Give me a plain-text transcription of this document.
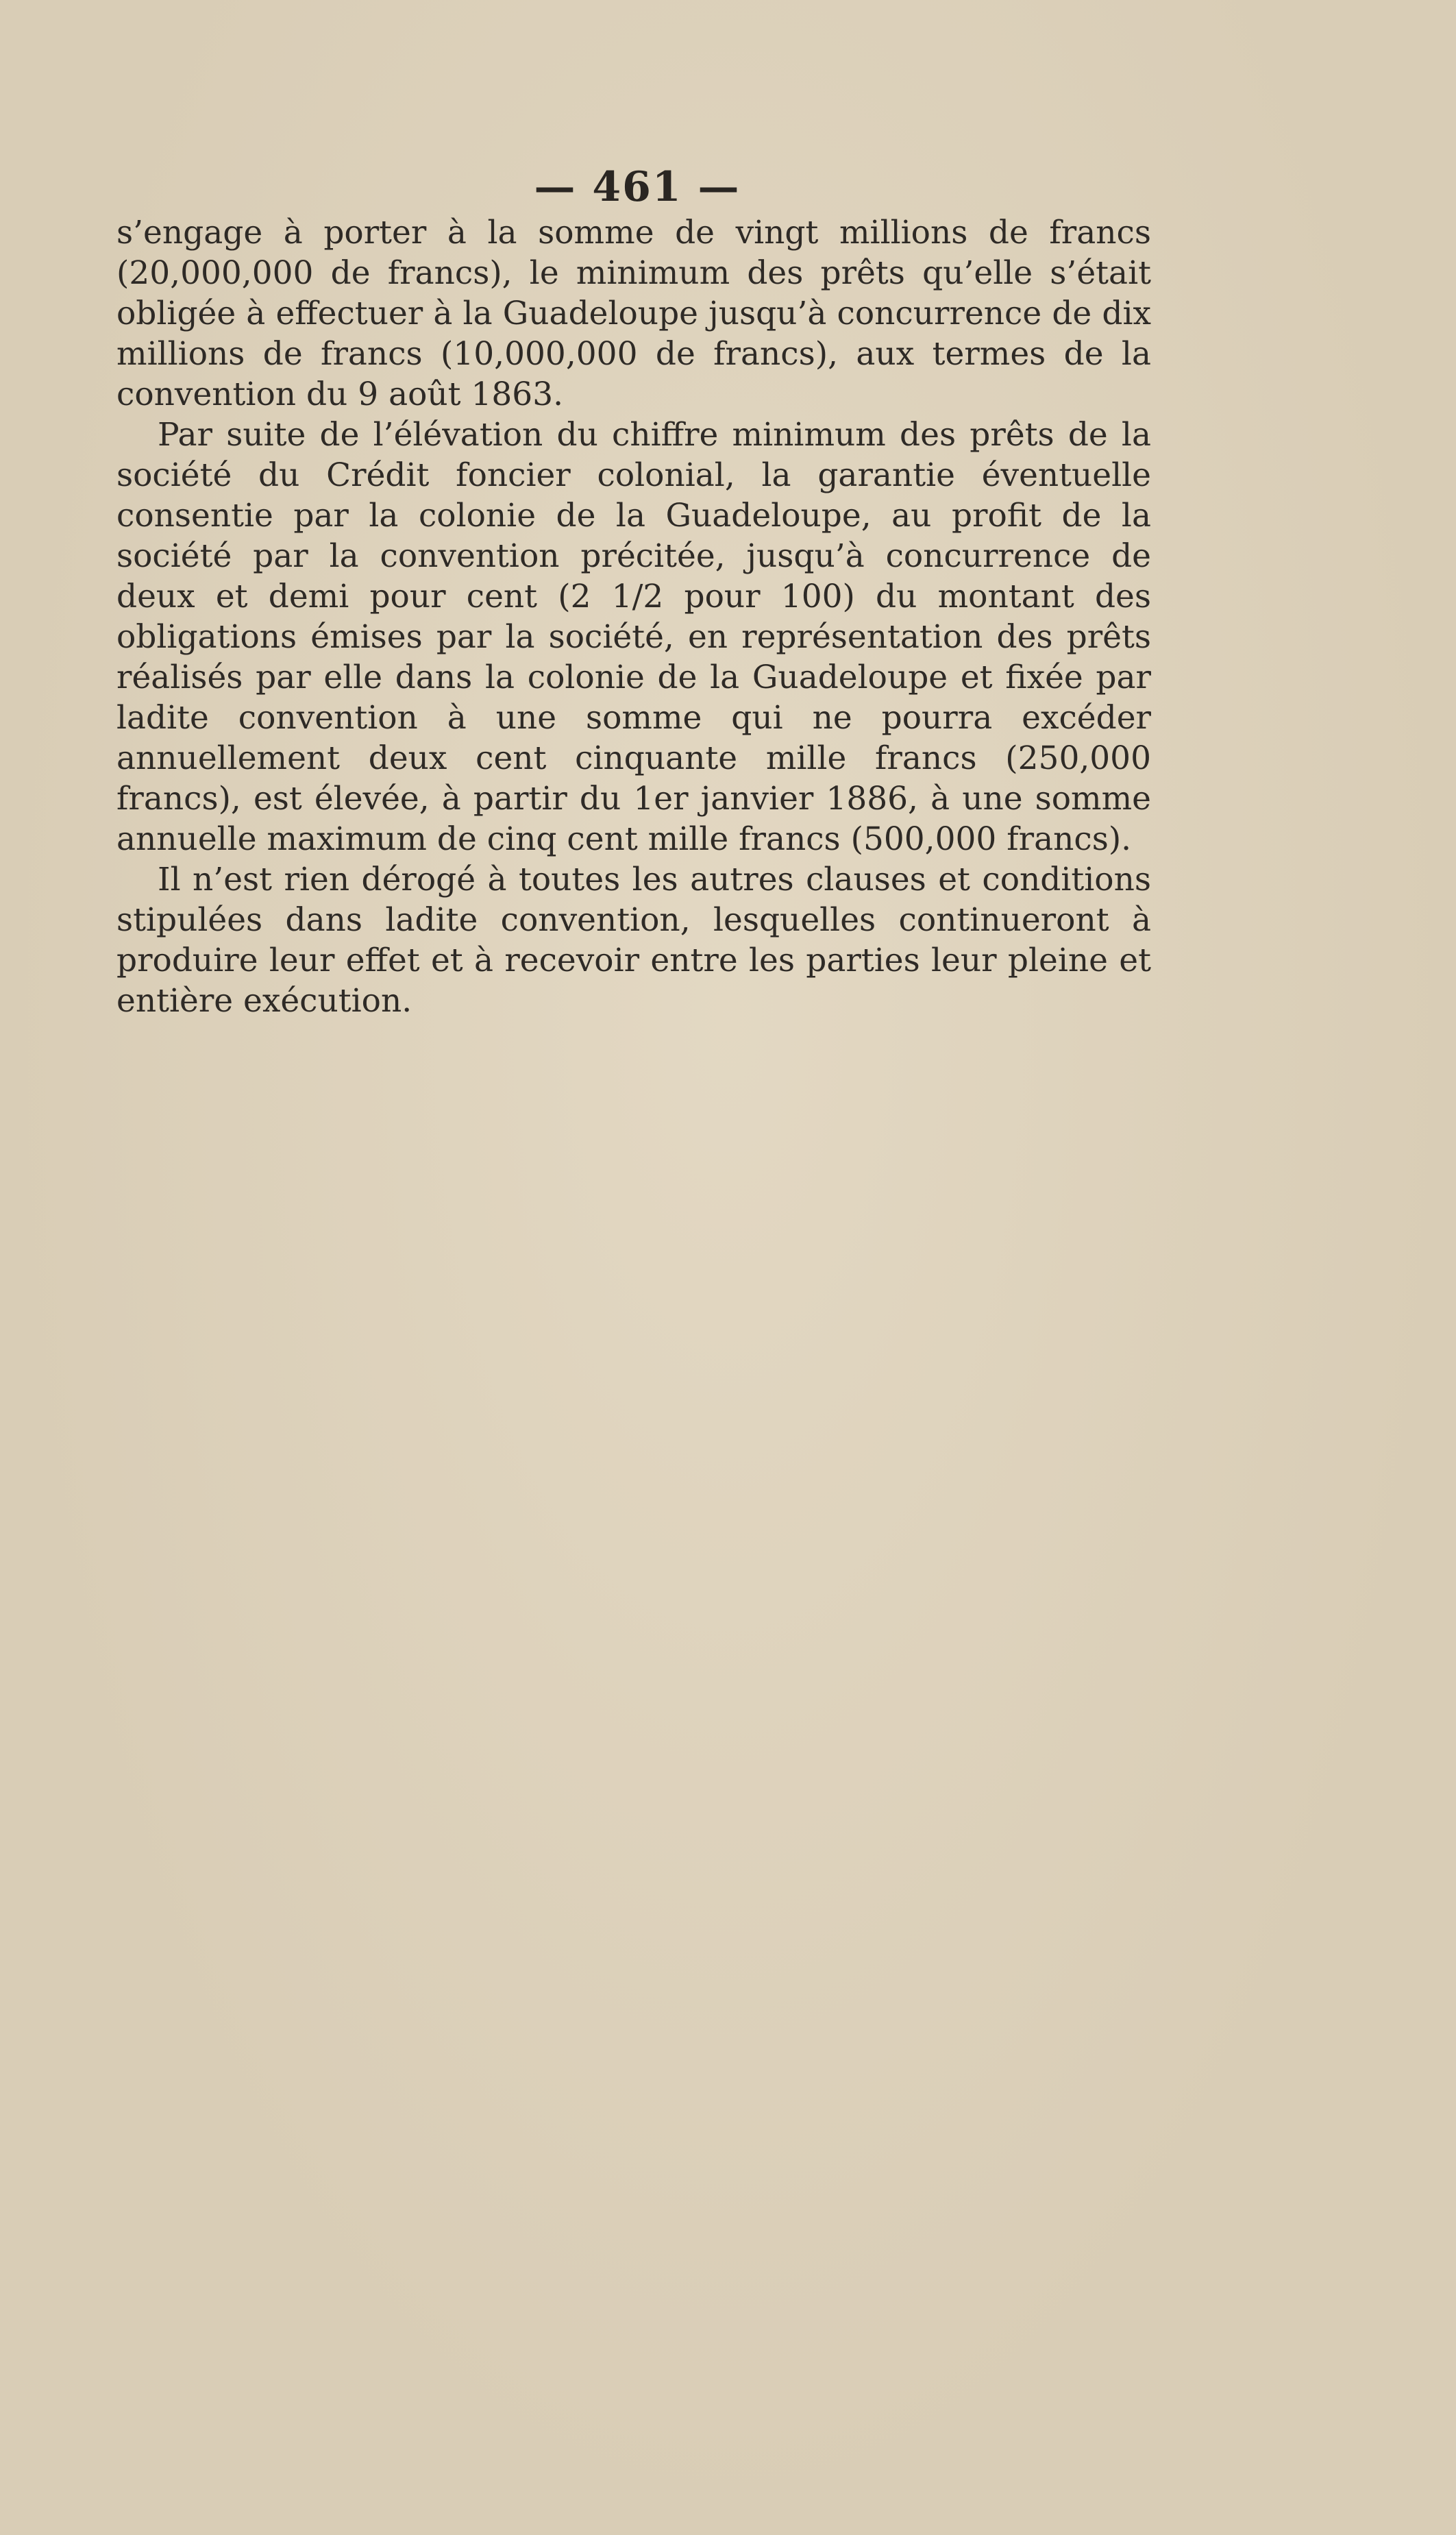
— 461 —

s’engage à porter à la somme de vingt millions de francs (20,000,000 de francs), le minimum des prêts qu’elle s’était obligée à effectuer à la Guadeloupe jusqu’à concurrence de dix millions de francs (10,000,000 de francs), aux termes de la convention du 9 août 1863.

Par suite de l’élévation du chiffre minimum des prêts de la société du Crédit foncier colonial, la garantie éventuelle consentie par la colonie de la Guadeloupe, au profit de la société par la convention précitée, jusqu’à concurrence de deux et demi pour cent (2 1/2 pour 100) du montant des obligations émises par la société, en représentation des prêts réalisés par elle dans la colonie de la Guadeloupe et fixée par ladite convention à une somme qui ne pourra excéder annuellement deux cent cinquante mille francs (250,000 francs), est élevée, à partir du 1er janvier 1886, à une somme annuelle maximum de cinq cent mille francs (500,000 francs).

Il n’est rien dérogé à toutes les autres clauses et conditions stipulées dans ladite convention, lesquelles continueront à produire leur effet et à recevoir entre les parties leur pleine et entière exécution.
